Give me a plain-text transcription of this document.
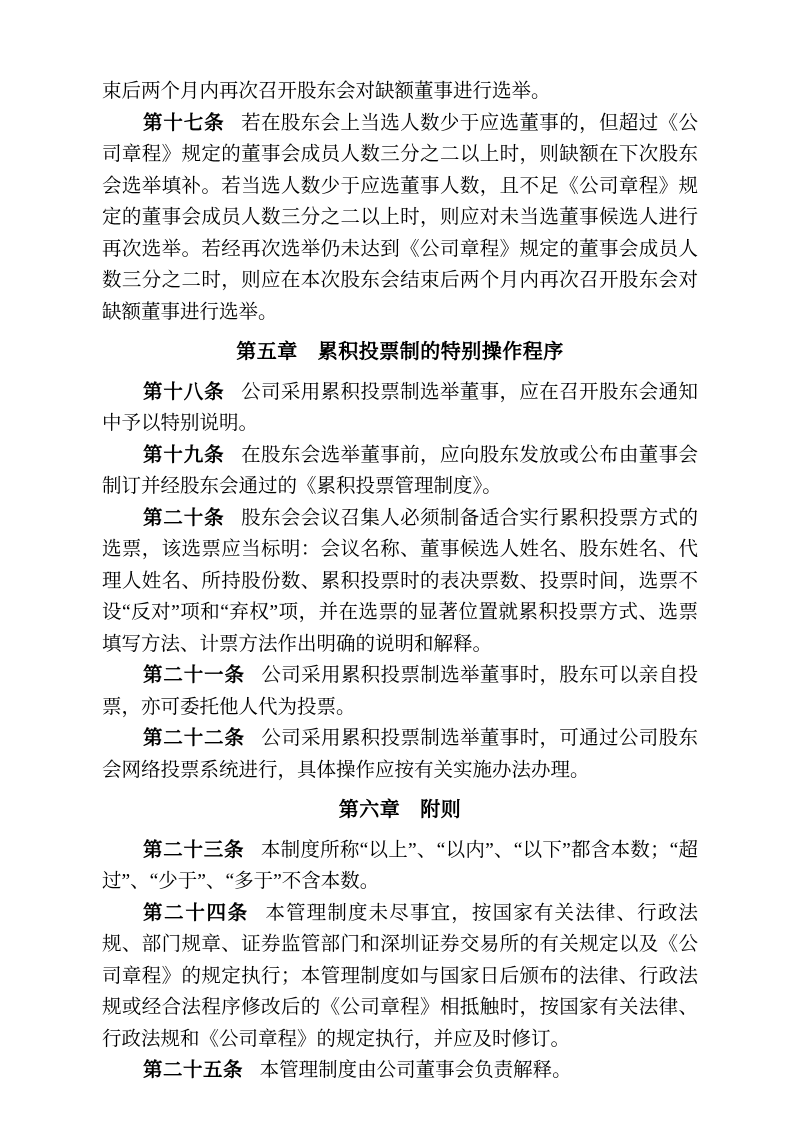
束后两个月内再次召开股东会对缺额董事进行选举。

第十七条 若在股东会上当选人数少于应选董事的，但超过《公司章程》规定的董事会成员人数三分之二以上时，则缺额在下次股东会选举填补。若当选人数少于应选董事人数，且不足《公司章程》规定的董事会成员人数三分之二以上时，则应对未当选董事候选人进行再次选举。若经再次选举仍未达到《公司章程》规定的董事会成员人数三分之二时，则应在本次股东会结束后两个月内再次召开股东会对缺额董事进行选举。

第五章 累积投票制的特别操作程序

第十八条 公司采用累积投票制选举董事，应在召开股东会通知中予以特别说明。

第十九条 在股东会选举董事前，应向股东发放或公布由董事会制订并经股东会通过的《累积投票管理制度》。

第二十条 股东会会议召集人必须制备适合实行累积投票方式的选票，该选票应当标明：会议名称、董事候选人姓名、股东姓名、代理人姓名、所持股份数、累积投票时的表决票数、投票时间，选票不设“反对”项和“弃权”项，并在选票的显著位置就累积投票方式、选票填写方法、计票方法作出明确的说明和解释。

第二十一条 公司采用累积投票制选举董事时，股东可以亲自投票，亦可委托他人代为投票。

第二十二条 公司采用累积投票制选举董事时，可通过公司股东会网络投票系统进行，具体操作应按有关实施办法办理。

第六章 附则

第二十三条 本制度所称“以上”、“以内”、“以下”都含本数；“超过”、“少于”、“多于”不含本数。

第二十四条 本管理制度未尽事宜，按国家有关法律、行政法规、部门规章、证券监管部门和深圳证券交易所的有关规定以及《公司章程》的规定执行；本管理制度如与国家日后颁布的法律、行政法规或经合法程序修改后的《公司章程》相抵触时，按国家有关法律、行政法规和《公司章程》的规定执行，并应及时修订。

第二十五条 本管理制度由公司董事会负责解释。
